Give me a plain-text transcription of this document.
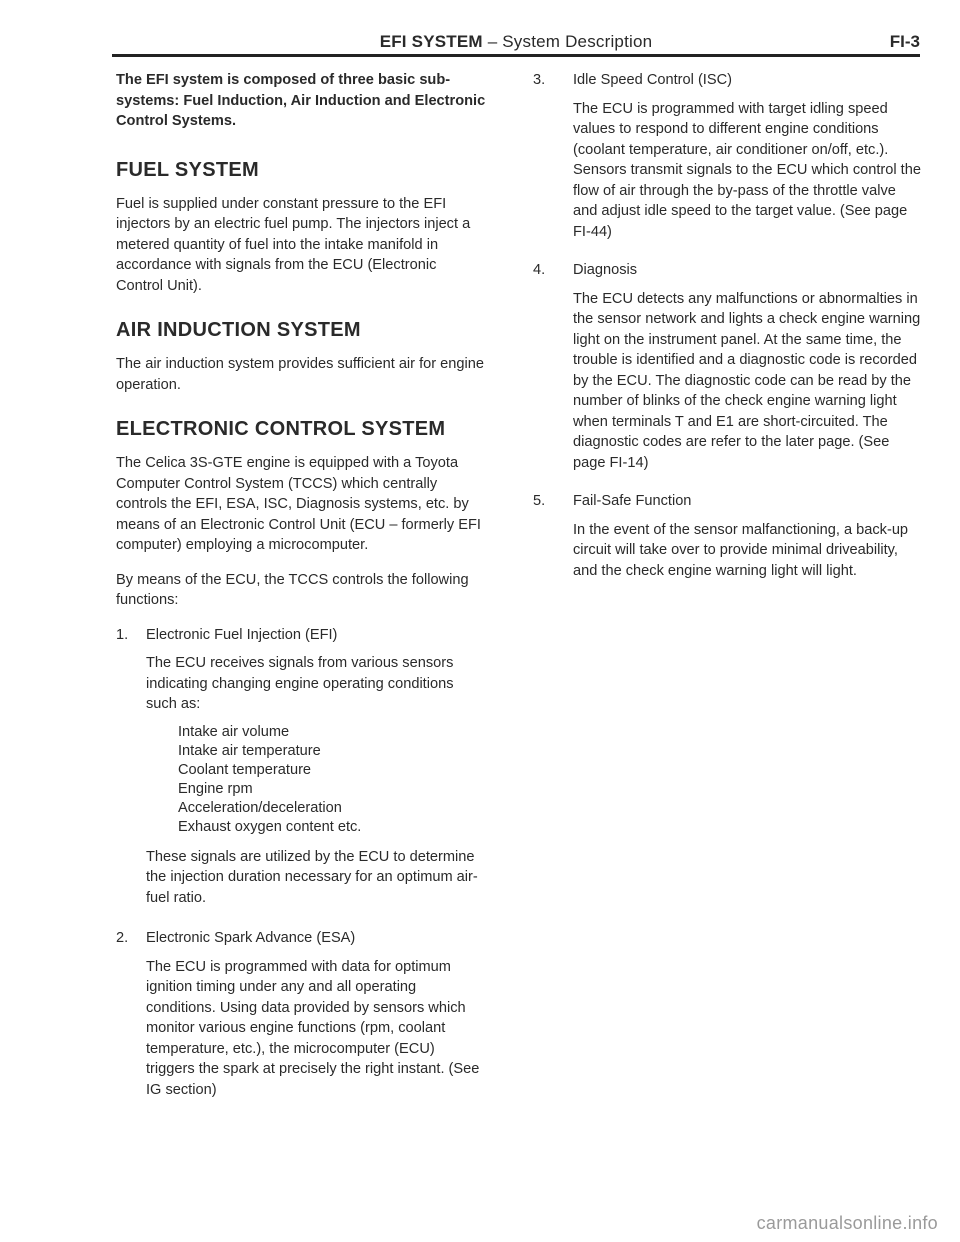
EFI SYSTEM – System Description	FI-3

The EFI system is composed of three basic sub-systems: Fuel Induction, Air Induction and Electronic Control Systems.

FUEL SYSTEM

Fuel is supplied under constant pressure to the EFI injectors by an electric fuel pump. The injectors inject a metered quantity of fuel into the intake manifold in accordance with signals from the ECU (Electronic Control Unit).

AIR INDUCTION SYSTEM

The air induction system provides sufficient air for engine operation.

ELECTRONIC CONTROL SYSTEM

The Celica 3S-GTE engine is equipped with a Toyota Computer Control System (TCCS) which centrally controls the EFI, ESA, ISC, Diagnosis systems, etc. by means of an Electronic Control Unit (ECU – formerly EFI computer) employing a microcomputer.

By means of the ECU, the TCCS controls the following functions:

1.	Electronic Fuel Injection (EFI)

The ECU receives signals from various sensors indicating changing engine operating conditions such as:

Intake air volume
Intake air temperature
Coolant temperature
Engine rpm
Acceleration/deceleration
Exhaust oxygen content etc.

These signals are utilized by the ECU to determine the injection duration necessary for an optimum air-fuel ratio.

2.	Electronic Spark Advance (ESA)

The ECU is programmed with data for optimum ignition timing under any and all operating conditions. Using data provided by sensors which monitor various engine functions (rpm, coolant temperature, etc.), the microcomputer (ECU) triggers the spark at precisely the right instant. (See IG section)

3.	Idle Speed Control (ISC)

The ECU is programmed with target idling speed values to respond to different engine conditions (coolant temperature, air conditioner on/off, etc.). Sensors transmit signals to the ECU which control the flow of air through the by-pass of the throttle valve and adjust idle speed to the target value. (See page FI-44)

4.	Diagnosis

The ECU detects any malfunctions or abnormalties in the sensor network and lights a check engine warning light on the instrument panel. At the same time, the trouble is identified and a diagnostic code is recorded by the ECU. The diagnostic code can be read by the number of blinks of the check engine warning light when terminals T and E1 are short-circuited. The diagnostic codes are refer to the later page. (See page FI-14)

5.	Fail-Safe Function

In the event of the sensor malfanctioning, a back-up circuit will take over to provide minimal driveability, and the check engine warning light will light.

carmanualsonline.info
